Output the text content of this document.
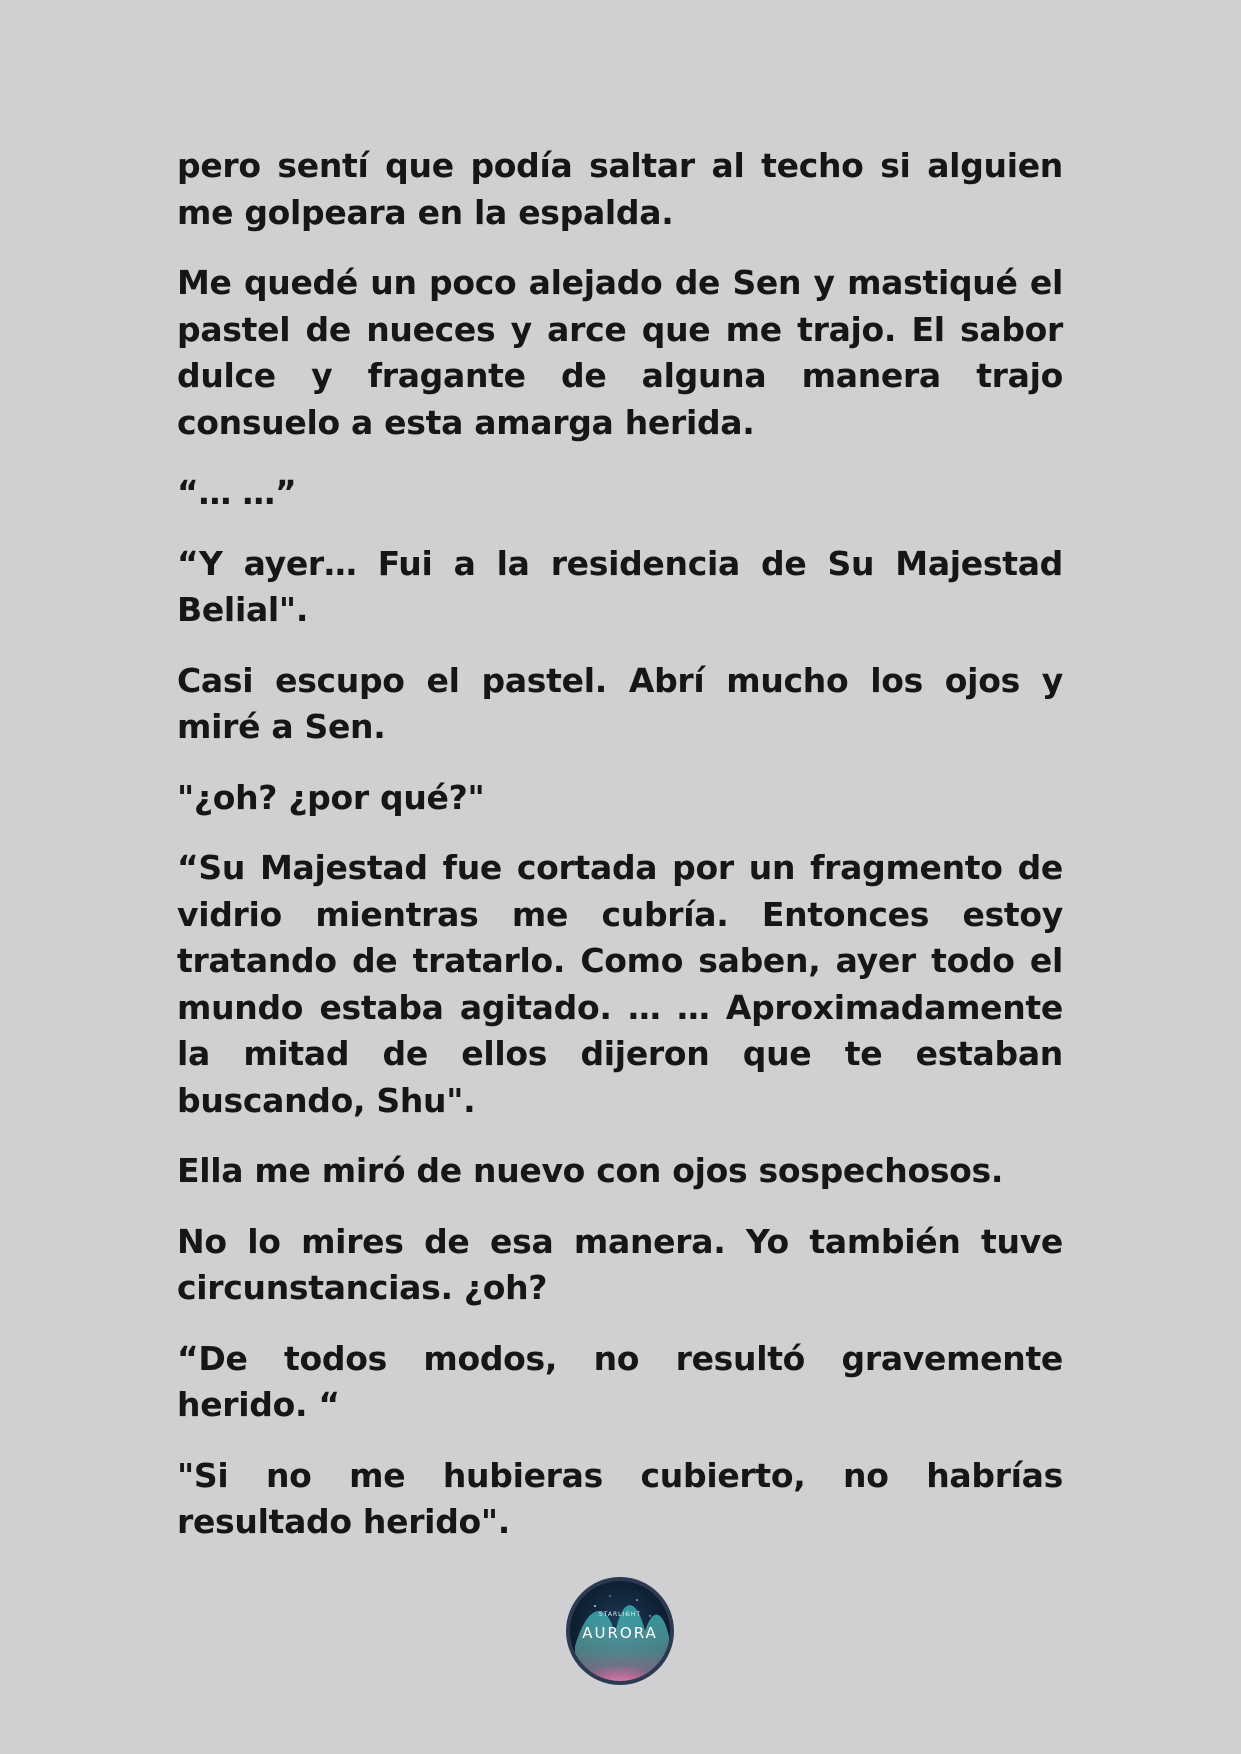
pero sentí que podía saltar al techo si alguien me golpeara en la espalda.

Me quedé un poco alejado de Sen y mastiqué el pastel de nueces y arce que me trajo. El sabor dulce y fragante de alguna manera trajo consuelo a esta amarga herida.

“… …”

“Y ayer… Fui a la residencia de Su Majestad Belial".

Casi escupo el pastel. Abrí mucho los ojos y miré a Sen.

"¿oh? ¿por qué?"

“Su Majestad fue cortada por un fragmento de vidrio mientras me cubría. Entonces estoy tratando de tratarlo. Como saben, ayer todo el mundo estaba agitado. … … Aproximadamente la mitad de ellos dijeron que te estaban buscando, Shu".

Ella me miró de nuevo con ojos sospechosos.

No lo mires de esa manera. Yo también tuve circunstancias. ¿oh?

“De todos modos, no resultó gravemente herido. “

"Si no me hubieras cubierto, no habrías resultado herido".

STARLIGHT
AURORA
